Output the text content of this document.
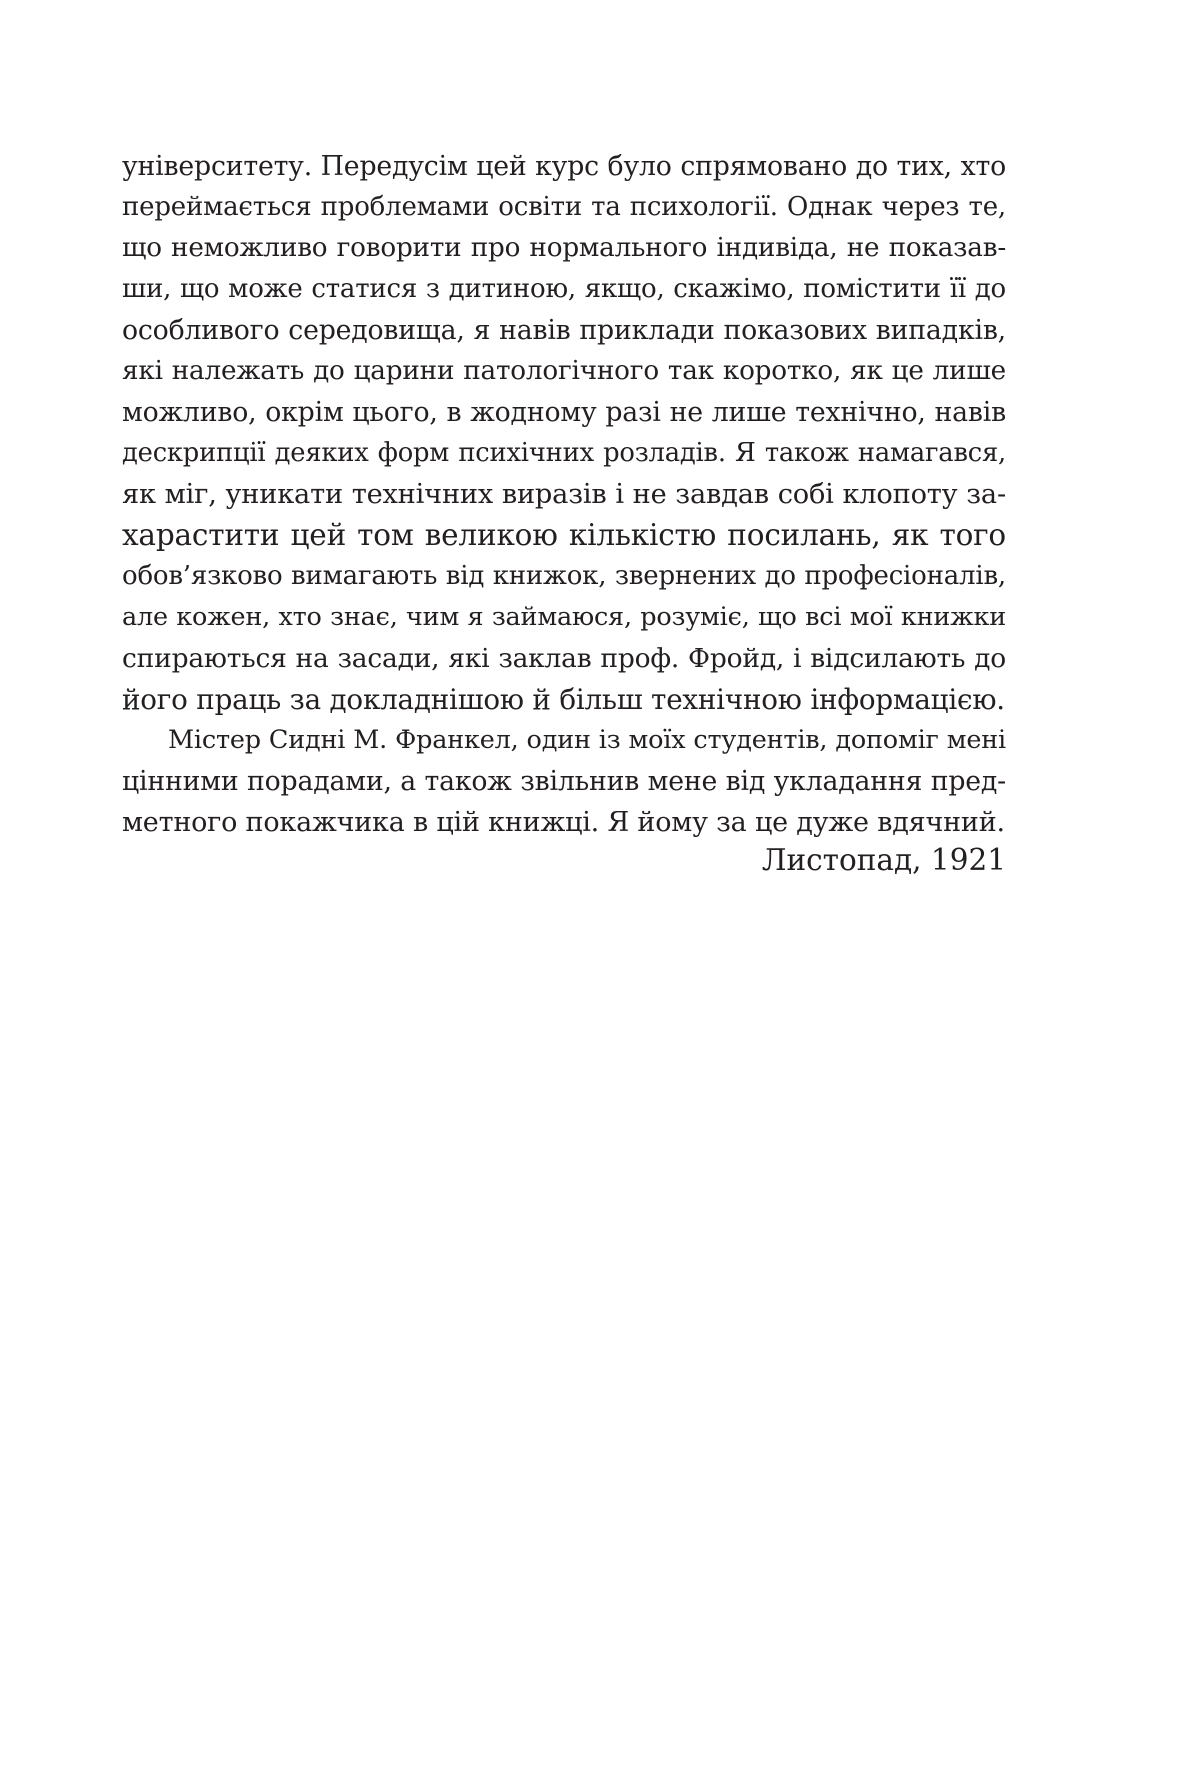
університету. Передусім цей курс було спрямовано до тих, хто
переймається проблемами освіти та психології. Однак через те,
що неможливо говорити про нормального індивіда, не показав-
ши, що може статися з дитиною, якщо, скажімо, помістити її до
особливого середовища, я навів приклади показових випадків,
які належать до царини патологічного так коротко, як це лише
можливо, окрім цього, в жодному разі не лише технічно, навів
дескрипції деяких форм психічних розладів. Я також намагався,
як міг, уникати технічних виразів і не завдав собі клопоту за-
харастити цей том великою кількістю посилань, як того
обов’язково вимагають від книжок, звернених до професіоналів,
але кожен, хто знає, чим я займаюся, розуміє, що всі мої книжки
спираються на засади, які заклав проф. Фройд, і відсилають до
його праць за докладнішою й більш технічною інформацією.
Містер Сидні М. Франкел, один із моїх студентів, допоміг мені
цінними порадами, а також звільнив мене від укладання пред-
метного покажчика в цій книжці. Я йому за це дуже вдячний.
Листопад, 1921
